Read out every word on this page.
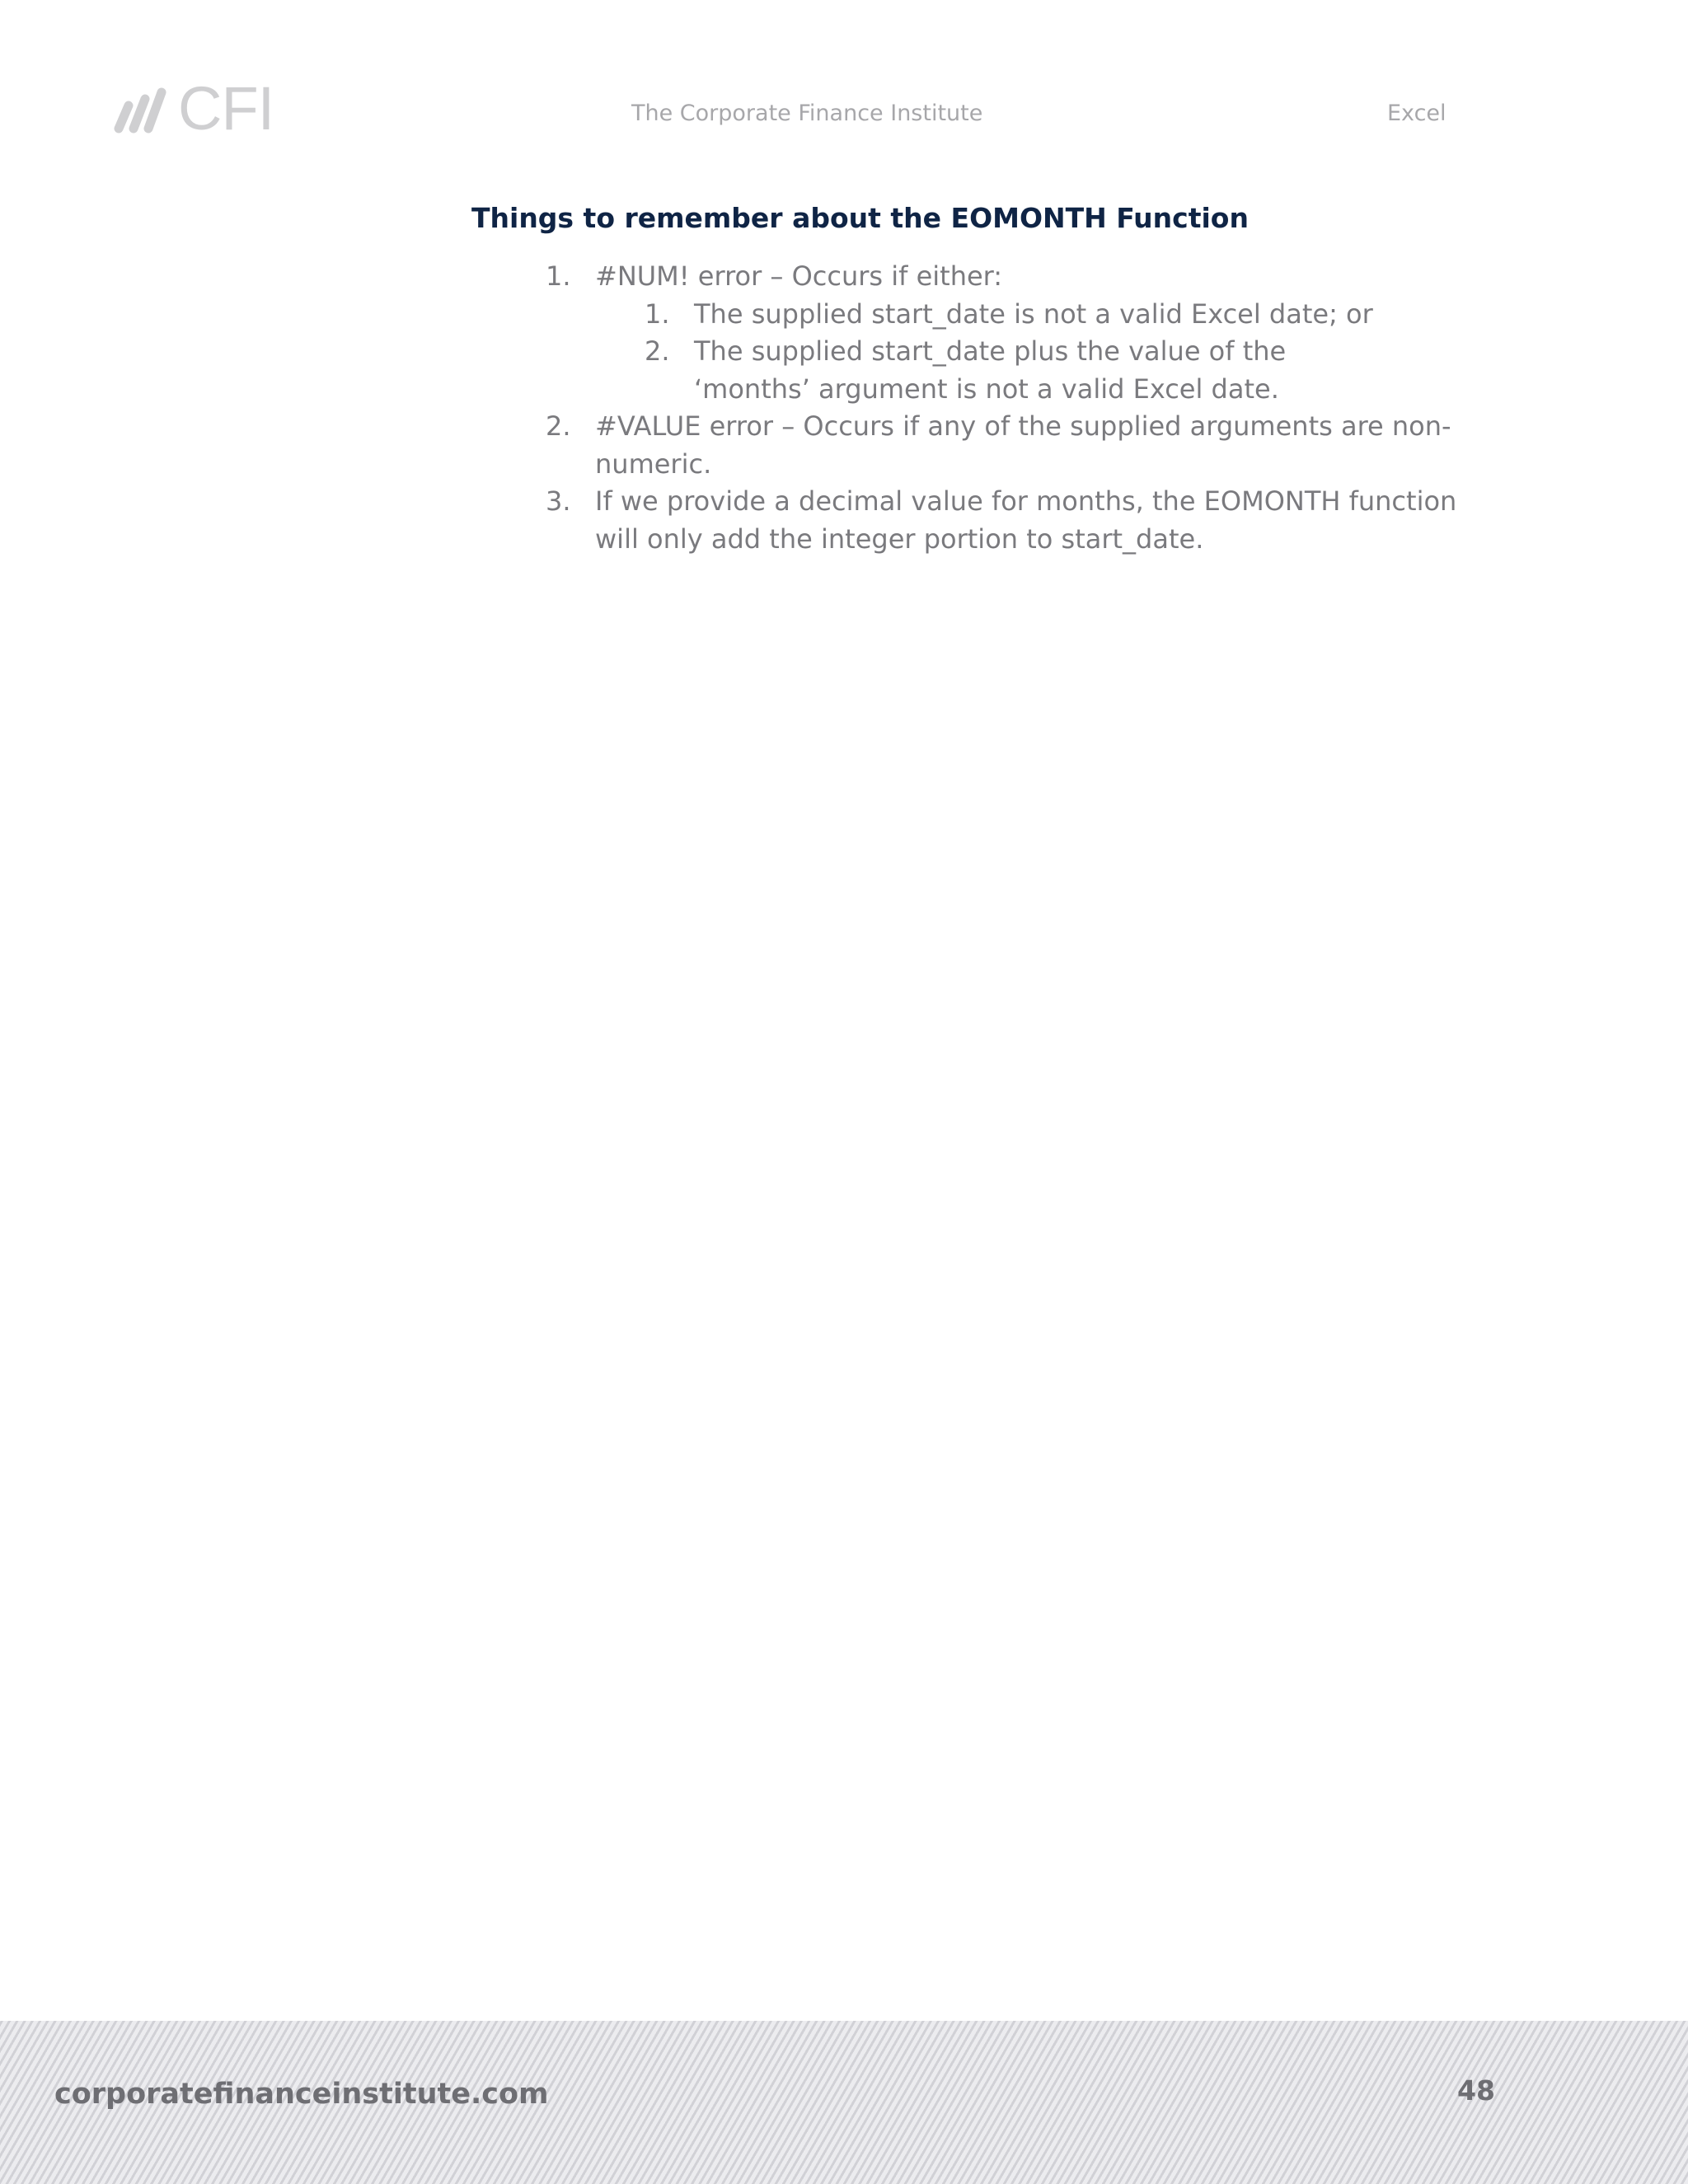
CFI	The Corporate Finance Institute	Excel
Things to remember about the EOMONTH Function
1. #NUM! error – Occurs if either:
1. The supplied start_date is not a valid Excel date; or
2. The supplied start_date plus the value of the ‘months’ argument is not a valid Excel date.
2. #VALUE error – Occurs if any of the supplied arguments are non-numeric.
3. If we provide a decimal value for months, the EOMONTH function will only add the integer portion to start_date.
corporatefinanceinstitute.com	48
